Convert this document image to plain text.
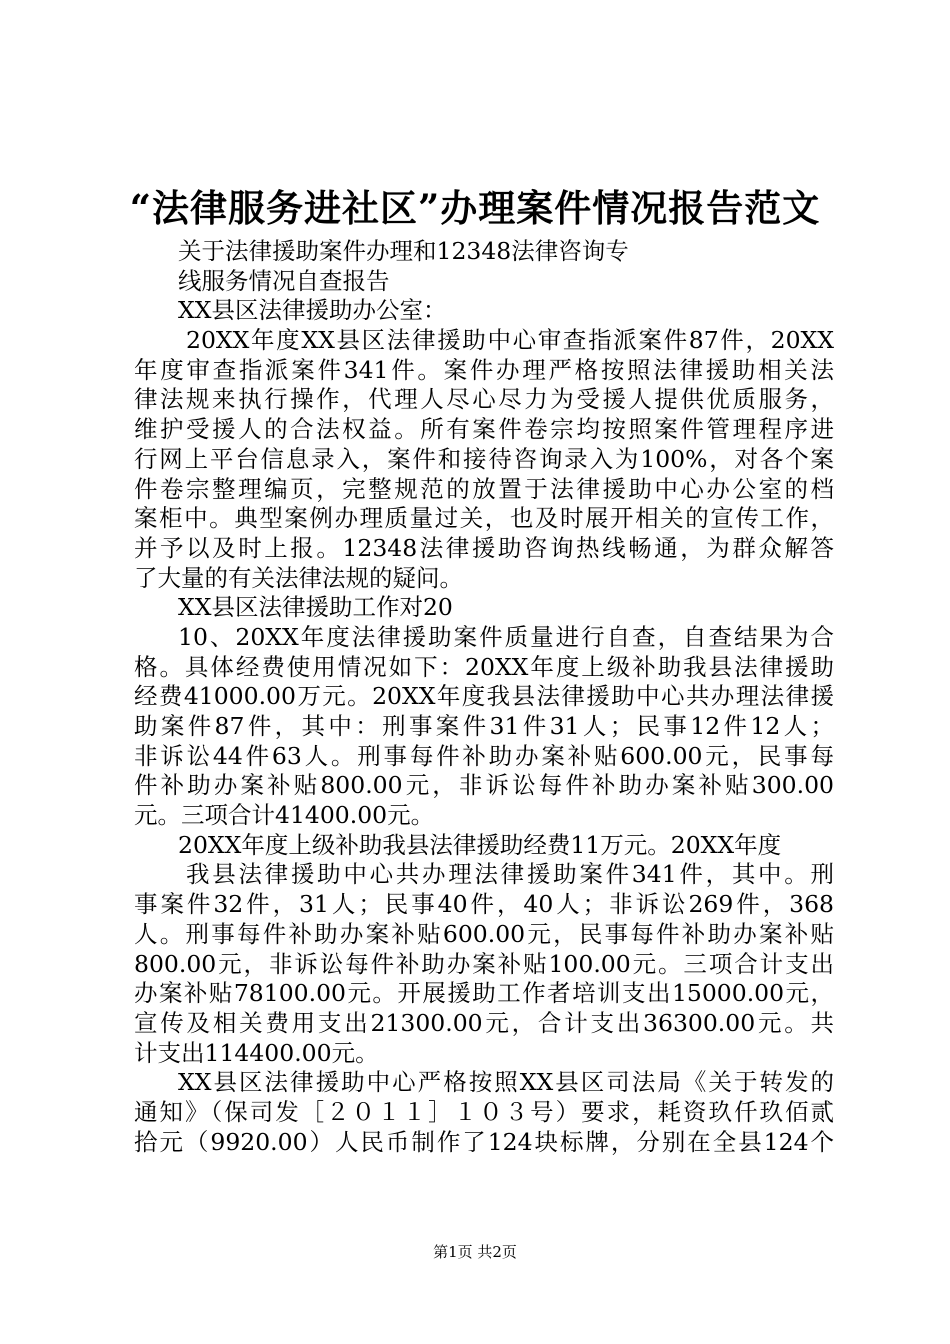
“法律服务进社区”办理案件情况报告范文
关于法律援助案件办理和12348法律咨询专
线服务情况自查报告
XX县区法律援助办公室：
20XX年度XX县区法律援助中心审查指派案件87件，20XX
年度审查指派案件341件。案件办理严格按照法律援助相关法
律法规来执行操作，代理人尽心尽力为受援人提供优质服务，
维护受援人的合法权益。所有案件卷宗均按照案件管理程序进
行网上平台信息录入，案件和接待咨询录入为100%，对各个案
件卷宗整理编页，完整规范的放置于法律援助中心办公室的档
案柜中。典型案例办理质量过关，也及时展开相关的宣传工作，
并予以及时上报。12348法律援助咨询热线畅通，为群众解答
了大量的有关法律法规的疑问。
XX县区法律援助工作对20
10、20XX年度法律援助案件质量进行自查，自查结果为合
格。具体经费使用情况如下：20XX年度上级补助我县法律援助
经费41000.00万元。20XX年度我县法律援助中心共办理法律援
助案件87件，其中：刑事案件31件31人；民事12件12人；
非诉讼44件63人。刑事每件补助办案补贴600.00元，民事每
件补助办案补贴800.00元，非诉讼每件补助办案补贴300.00
元。三项合计41400.00元。
20XX年度上级补助我县法律援助经费11万元。20XX年度
我县法律援助中心共办理法律援助案件341件，其中。刑
事案件32件，31人；民事40件，40人；非诉讼269件，368
人。刑事每件补助办案补贴600.00元，民事每件补助办案补贴
800.00元，非诉讼每件补助办案补贴100.00元。三项合计支出
办案补贴78100.00元。开展援助工作者培训支出15000.00元，
宣传及相关费用支出21300.00元，合计支出36300.00元。共
计支出114400.00元。
XX县区法律援助中心严格按照XX县区司法局《关于转发的
通知》（保司发［２０１１］１０３号）要求，耗资玖仟玖佰贰
拾元（9920.00）人民币制作了124块标牌，分别在全县124个
第1页 共2页
